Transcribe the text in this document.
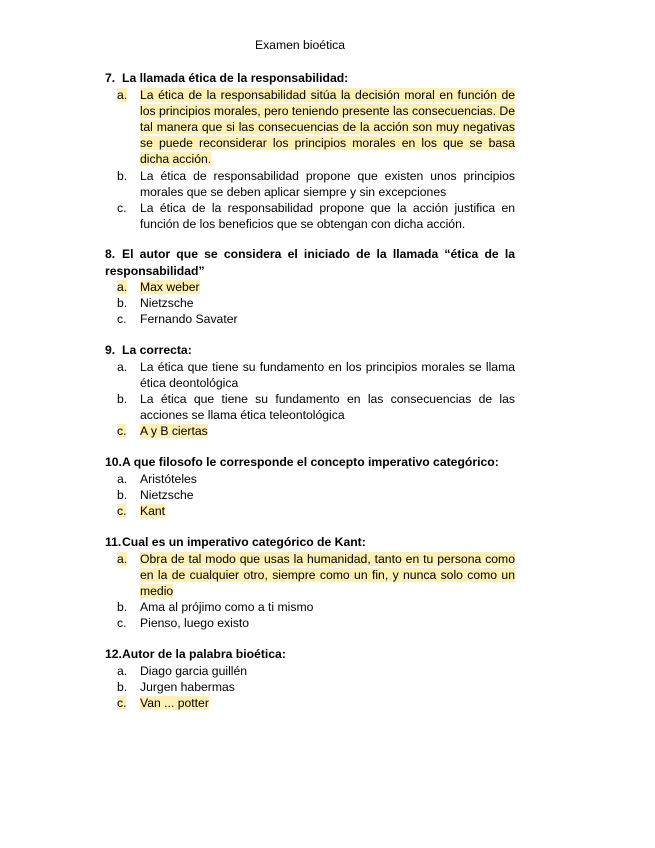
Examen bioética
7. La llamada ética de la responsabilidad:
a.	La ética de la responsabilidad sitúa la decisión moral en función de los principios morales, pero teniendo presente las consecuencias. De tal manera que si las consecuencias de la acción son muy negativas se puede reconsiderar los principios morales en los que se basa dicha acción.
b.	La ética de responsabilidad propone que existen unos principios morales que se deben aplicar siempre y sin excepciones
c.	La ética de la responsabilidad propone que la acción justifica en función de los beneficios que se obtengan con dicha acción.
8. El autor que se considera el iniciado de la llamada “ética de la responsabilidad”
a.	Max weber
b.	Nietzsche
c.	Fernando Savater
9. La correcta:
a.	La ética que tiene su fundamento en los principios morales se llama ética deontológica
b.	La ética que tiene su fundamento en las consecuencias de las acciones se llama ética teleontológica
c.	A y B ciertas
10.A que filosofo le corresponde el concepto imperativo categórico:
a.	Aristóteles
b.	Nietzsche
c.	Kant
11.Cual es un imperativo categórico de Kant:
a.	Obra de tal modo que usas la humanidad, tanto en tu persona como en la de cualquier otro, siempre como un fin, y nunca solo como un medio
b.	Ama al prójimo como a ti mismo
c.	Pienso, luego existo
12.Autor de la palabra bioética:
a.	Diago garcia guillén
b.	Jurgen habermas
c.	Van ... potter
